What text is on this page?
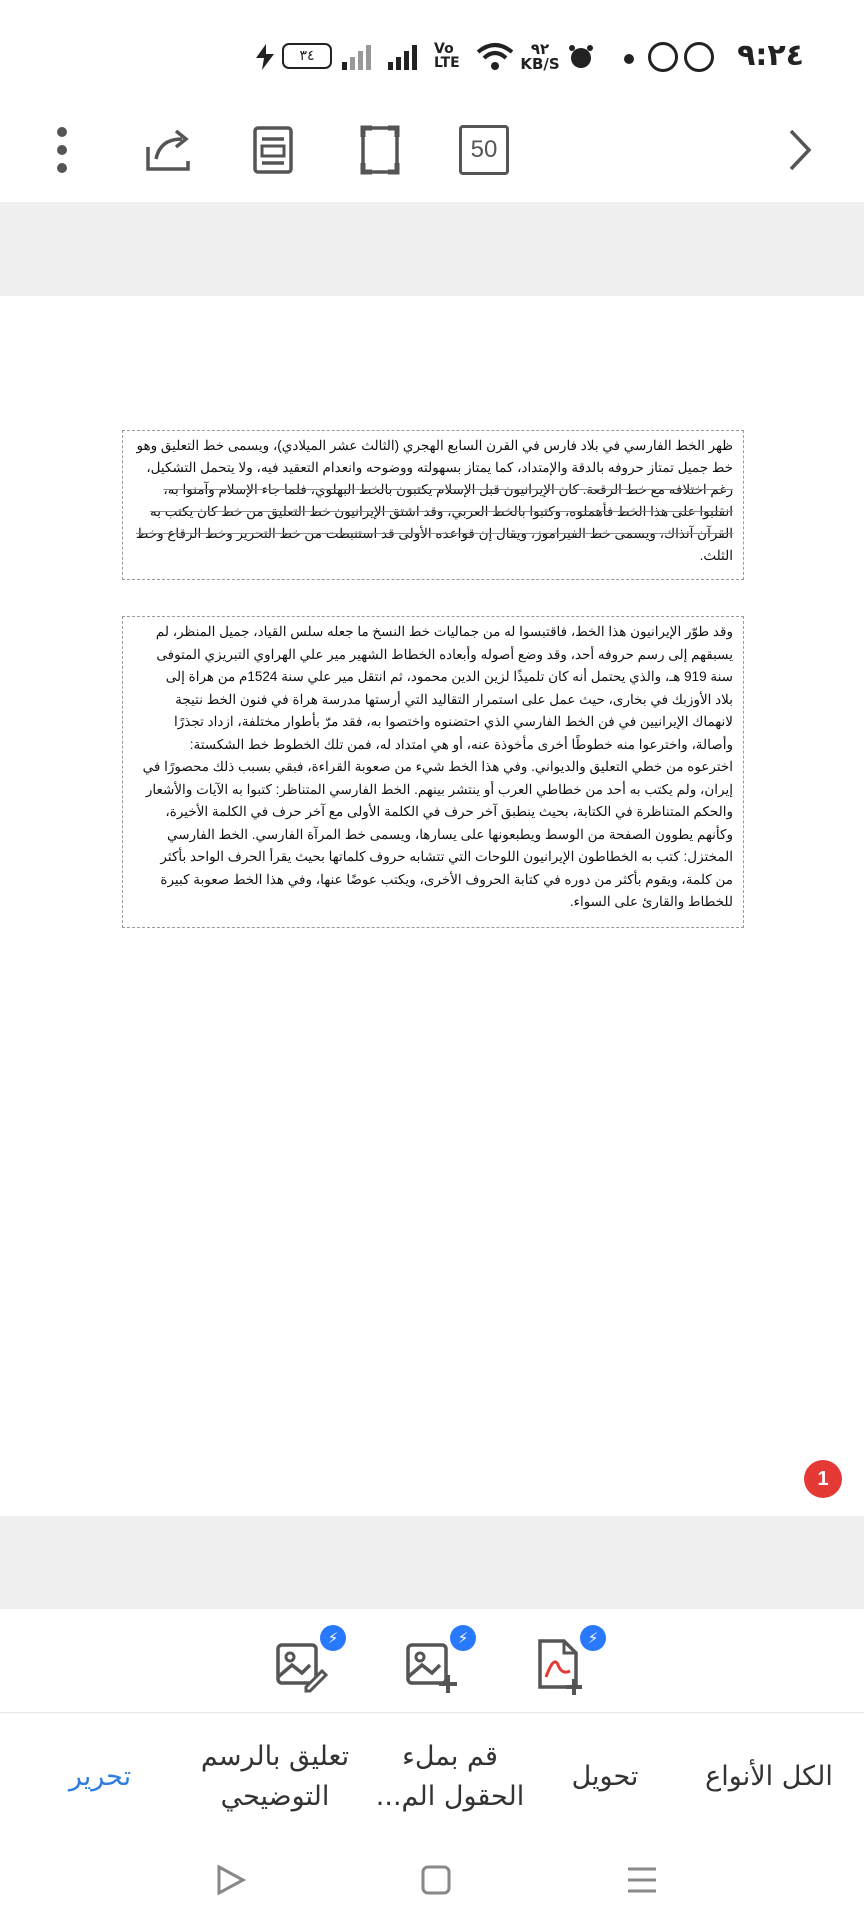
٩:٢٤
٩٢
KB/S
Vo
LTE
٣٤
50
ظهر الخط الفارسي في بلاد فارس في القرن السابع الهجري (الثالث عشر الميلادي)، ويسمى خط التعليق وهو
خط جميل تمتاز حروفه بالدقة والإمتداد، كما يمتاز بسهولته ووضوحه وانعدام التعقيد فيه، ولا يتحمل التشكيل،
رغم اختلافه مع خط الرقعة. كان الإيرانيون قبل الإسلام يكتبون بالخط البهلوي، فلما جاء الإسلام وآمنوا به،
انقلبوا على هذا الخط فأهملوه، وكتبوا بالخط العربي، وقد اشتق الإيرانيون خط التعليق من خط كان يكتب به
القرآن آنذاك، ويسمى خط الفيراموز، ويقال إن قواعده الأولى قد استنبطت من خط التحرير وخط الرقاع وخط
الثلث.
وقد طوّر الإيرانيون هذا الخط، فاقتبسوا له من جماليات خط النسخ ما جعله سلس القياد، جميل المنظر، لم
يسبقهم إلى رسم حروفه أحد، وقد وضع أصوله وأبعاده الخطاط الشهير مير علي الهراوي التبريزي المتوفى
سنة 919 هـ، والذي يحتمل أنه كان تلميذًا لزين الدين محمود، ثم انتقل مير علي سنة 1524م من هراة إلى
بلاد الأوزبك في بخارى، حيث عمل على استمرار التقاليد التي أرستها مدرسة هراة في فنون الخط نتيجة
لانهماك الإيرانيين في فن الخط الفارسي الذي احتضنوه واختصوا به، فقد مرّ بأطوار مختلفة، ازداد تجذرًا
وأصالة، واخترعوا منه خطوطًا أخرى مأخوذة عنه، أو هي امتداد له، فمن تلك الخطوط خط الشكستة:
اخترعوه من خطي التعليق والديواني. وفي هذا الخط شيء من صعوبة القراءة، فبقي بسبب ذلك محصورًا في
إيران، ولم يكتب به أحد من خطاطي العرب أو ينتشر بينهم. الخط الفارسي المتناظر: كتبوا به الآيات والأشعار
والحكم المتناظرة في الكتابة، بحيث ينطبق آخر حرف في الكلمة الأولى مع آخر حرف في الكلمة الأخيرة،
وكأنهم يطوون الصفحة من الوسط ويطبعونها على يسارها، ويسمى خط المرآة الفارسي. الخط الفارسي
المختزل: كتب به الخطاطون الإيرانيون اللوحات التي تتشابه حروف كلماتها بحيث يقرأ الحرف الواحد بأكثر
من كلمة، ويقوم بأكثر من دوره في كتابة الحروف الأخرى، ويكتب عوضًا عنها، وفي هذا الخط صعوبة كبيرة
للخطاط والقارئ على السواء.
1
⚡	⚡	⚡
الكل الأنواع
تحويل
قم بملء
الحقول الم...
تعليق بالرسم
التوضيحي
تحرير
